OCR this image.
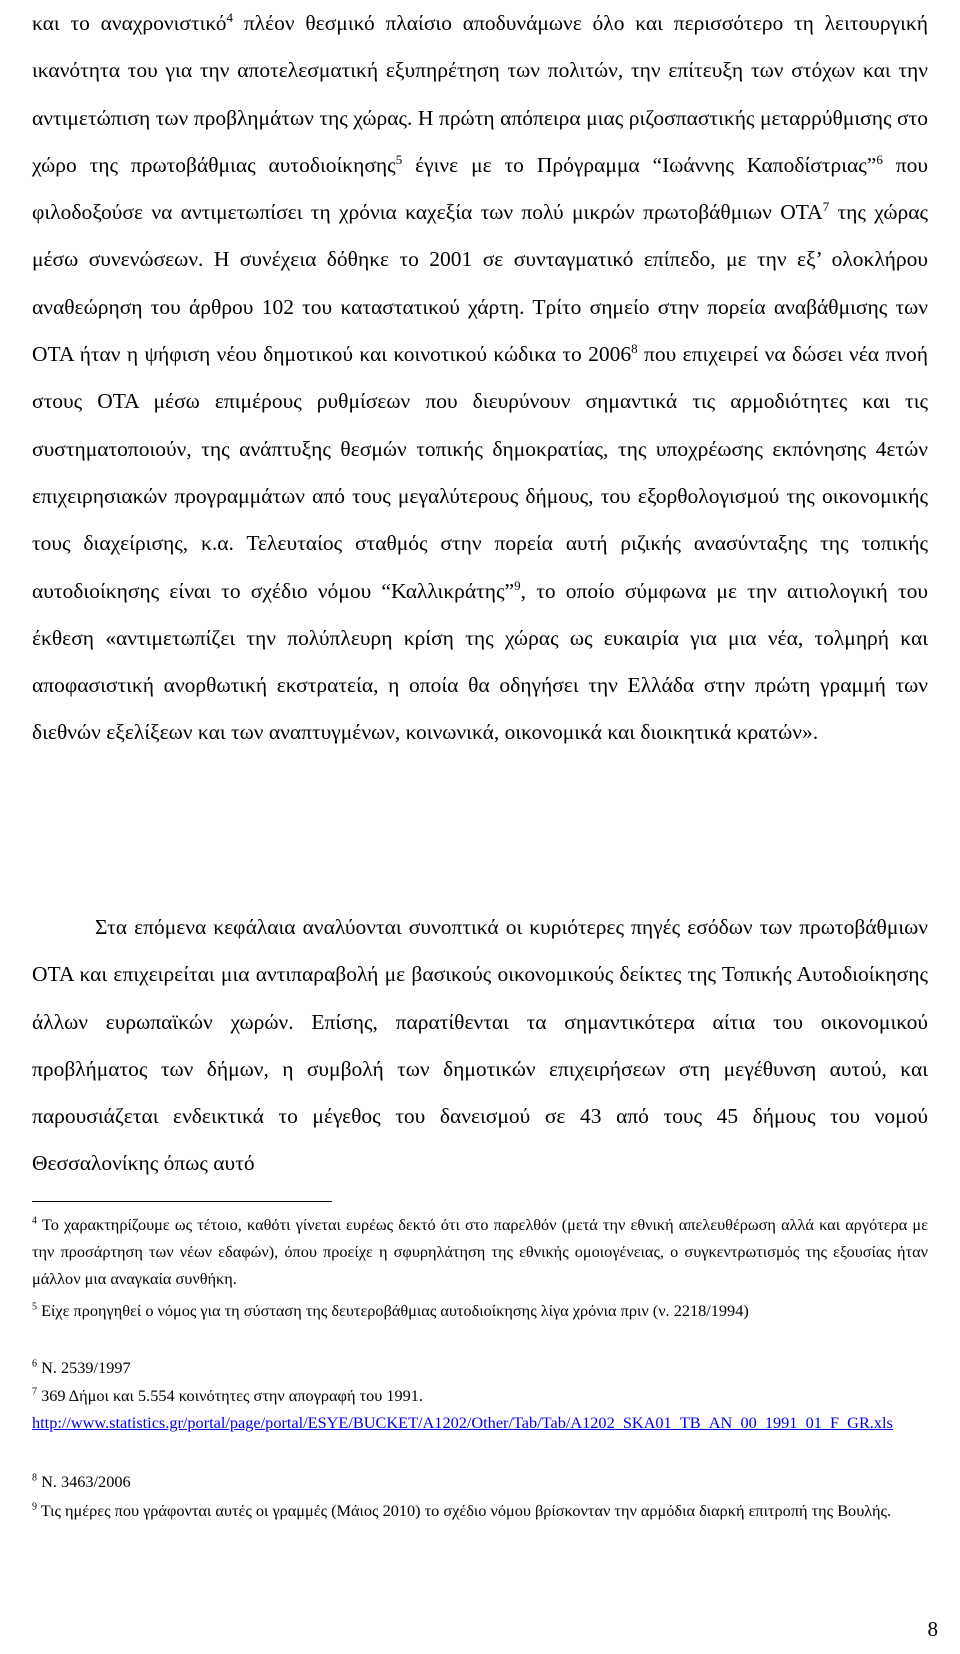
και το αναχρονιστικό$^4$ πλέον θεσμικό πλαίσιο αποδυνάμωνε όλο και περισσότερο τη λειτουργική ικανότητα του για την αποτελεσματική εξυπηρέτηση των πολιτών, την επίτευξη των στόχων και την αντιμετώπιση των προβλημάτων της χώρας. Η πρώτη απόπειρα μιας ριζοσπαστικής μεταρρύθμισης στο χώρο της πρωτοβάθμιας αυτοδιοίκησης$^5$ έγινε με το Πρόγραμμα “Ιωάννης Καποδίστριας”$^6$ που φιλοδοξούσε να αντιμετωπίσει τη χρόνια καχεξία των πολύ μικρών πρωτοβάθμιων ΟΤΑ$^7$ της χώρας μέσω συνενώσεων. Η συνέχεια δόθηκε το 2001 σε συνταγματικό επίπεδο, με την εξ’ ολοκλήρου αναθεώρηση του άρθρου 102 του καταστατικού χάρτη. Τρίτο σημείο στην πορεία αναβάθμισης των ΟΤΑ ήταν η ψήφιση νέου δημοτικού και κοινοτικού κώδικα το 2006$^8$ που επιχειρεί να δώσει νέα πνοή στους ΟΤΑ μέσω επιμέρους ρυθμίσεων που διευρύνουν σημαντικά τις αρμοδιότητες και τις συστηματοποιούν, της ανάπτυξης θεσμών τοπικής δημοκρατίας, της υποχρέωσης εκπόνησης 4ετών επιχειρησιακών προγραμμάτων από τους μεγαλύτερους δήμους, του εξορθολογισμού της οικονομικής τους διαχείρισης, κ.α. Τελευταίος σταθμός στην πορεία αυτή ριζικής ανασύνταξης της τοπικής αυτοδιοίκησης είναι το σχέδιο νόμου “Καλλικράτης”$^9$, το οποίο σύμφωνα με την αιτιολογική του έκθεση «αντιμετωπίζει την πολύπλευρη κρίση της χώρας ως ευκαιρία για μια νέα, τολμηρή και αποφασιστική ανορθωτική εκστρατεία, η οποία θα οδηγήσει την Ελλάδα στην πρώτη γραμμή των διεθνών εξελίξεων και των αναπτυγμένων, κοινωνικά, οικονομικά και διοικητικά κρατών».

Στα επόμενα κεφάλαια αναλύονται συνοπτικά οι κυριότερες πηγές εσόδων των πρωτοβάθμιων ΟΤΑ και επιχειρείται μια αντιπαραβολή με βασικούς οικονομικούς δείκτες της Τοπικής Αυτοδιοίκησης άλλων ευρωπαϊκών χωρών. Επίσης, παρατίθενται τα σημαντικότερα αίτια του οικονομικού προβλήματος των δήμων, η συμβολή των δημοτικών επιχειρήσεων στη μεγέθυνση αυτού, και παρουσιάζεται ενδεικτικά το μέγεθος του δανεισμού σε 43 από τους 45 δήμους του νομού Θεσσαλονίκης όπως αυτό

$^4$ Το χαρακτηρίζουμε ως τέτοιο, καθότι γίνεται ευρέως δεκτό ότι στο παρελθόν (μετά την εθνική απελευθέρωση αλλά και αργότερα με την προσάρτηση των νέων εδαφών), όπου προείχε η σφυρηλάτηση της εθνικής ομοιογένειας, ο συγκεντρωτισμός της εξουσίας ήταν μάλλον μια αναγκαία συνθήκη.

$^5$ Είχε προηγηθεί ο νόμος για τη σύσταση της δευτεροβάθμιας αυτοδιοίκησης λίγα χρόνια πριν (ν. 2218/1994)

$^6$ Ν. 2539/1997

$^7$ 369 Δήμοι και 5.554 κοινότητες στην απογραφή του 1991.
http://www.statistics.gr/portal/page/portal/ESYE/BUCKET/A1202/Other/Tab/Tab/A1202_SKA01_TB_AN_00_1991_01_F_GR.xls

$^8$ Ν. 3463/2006

$^9$ Τις ημέρες που γράφονται αυτές οι γραμμές (Μάιος 2010) το σχέδιο νόμου βρίσκονταν την αρμόδια διαρκή επιτροπή της Βουλής.

8
